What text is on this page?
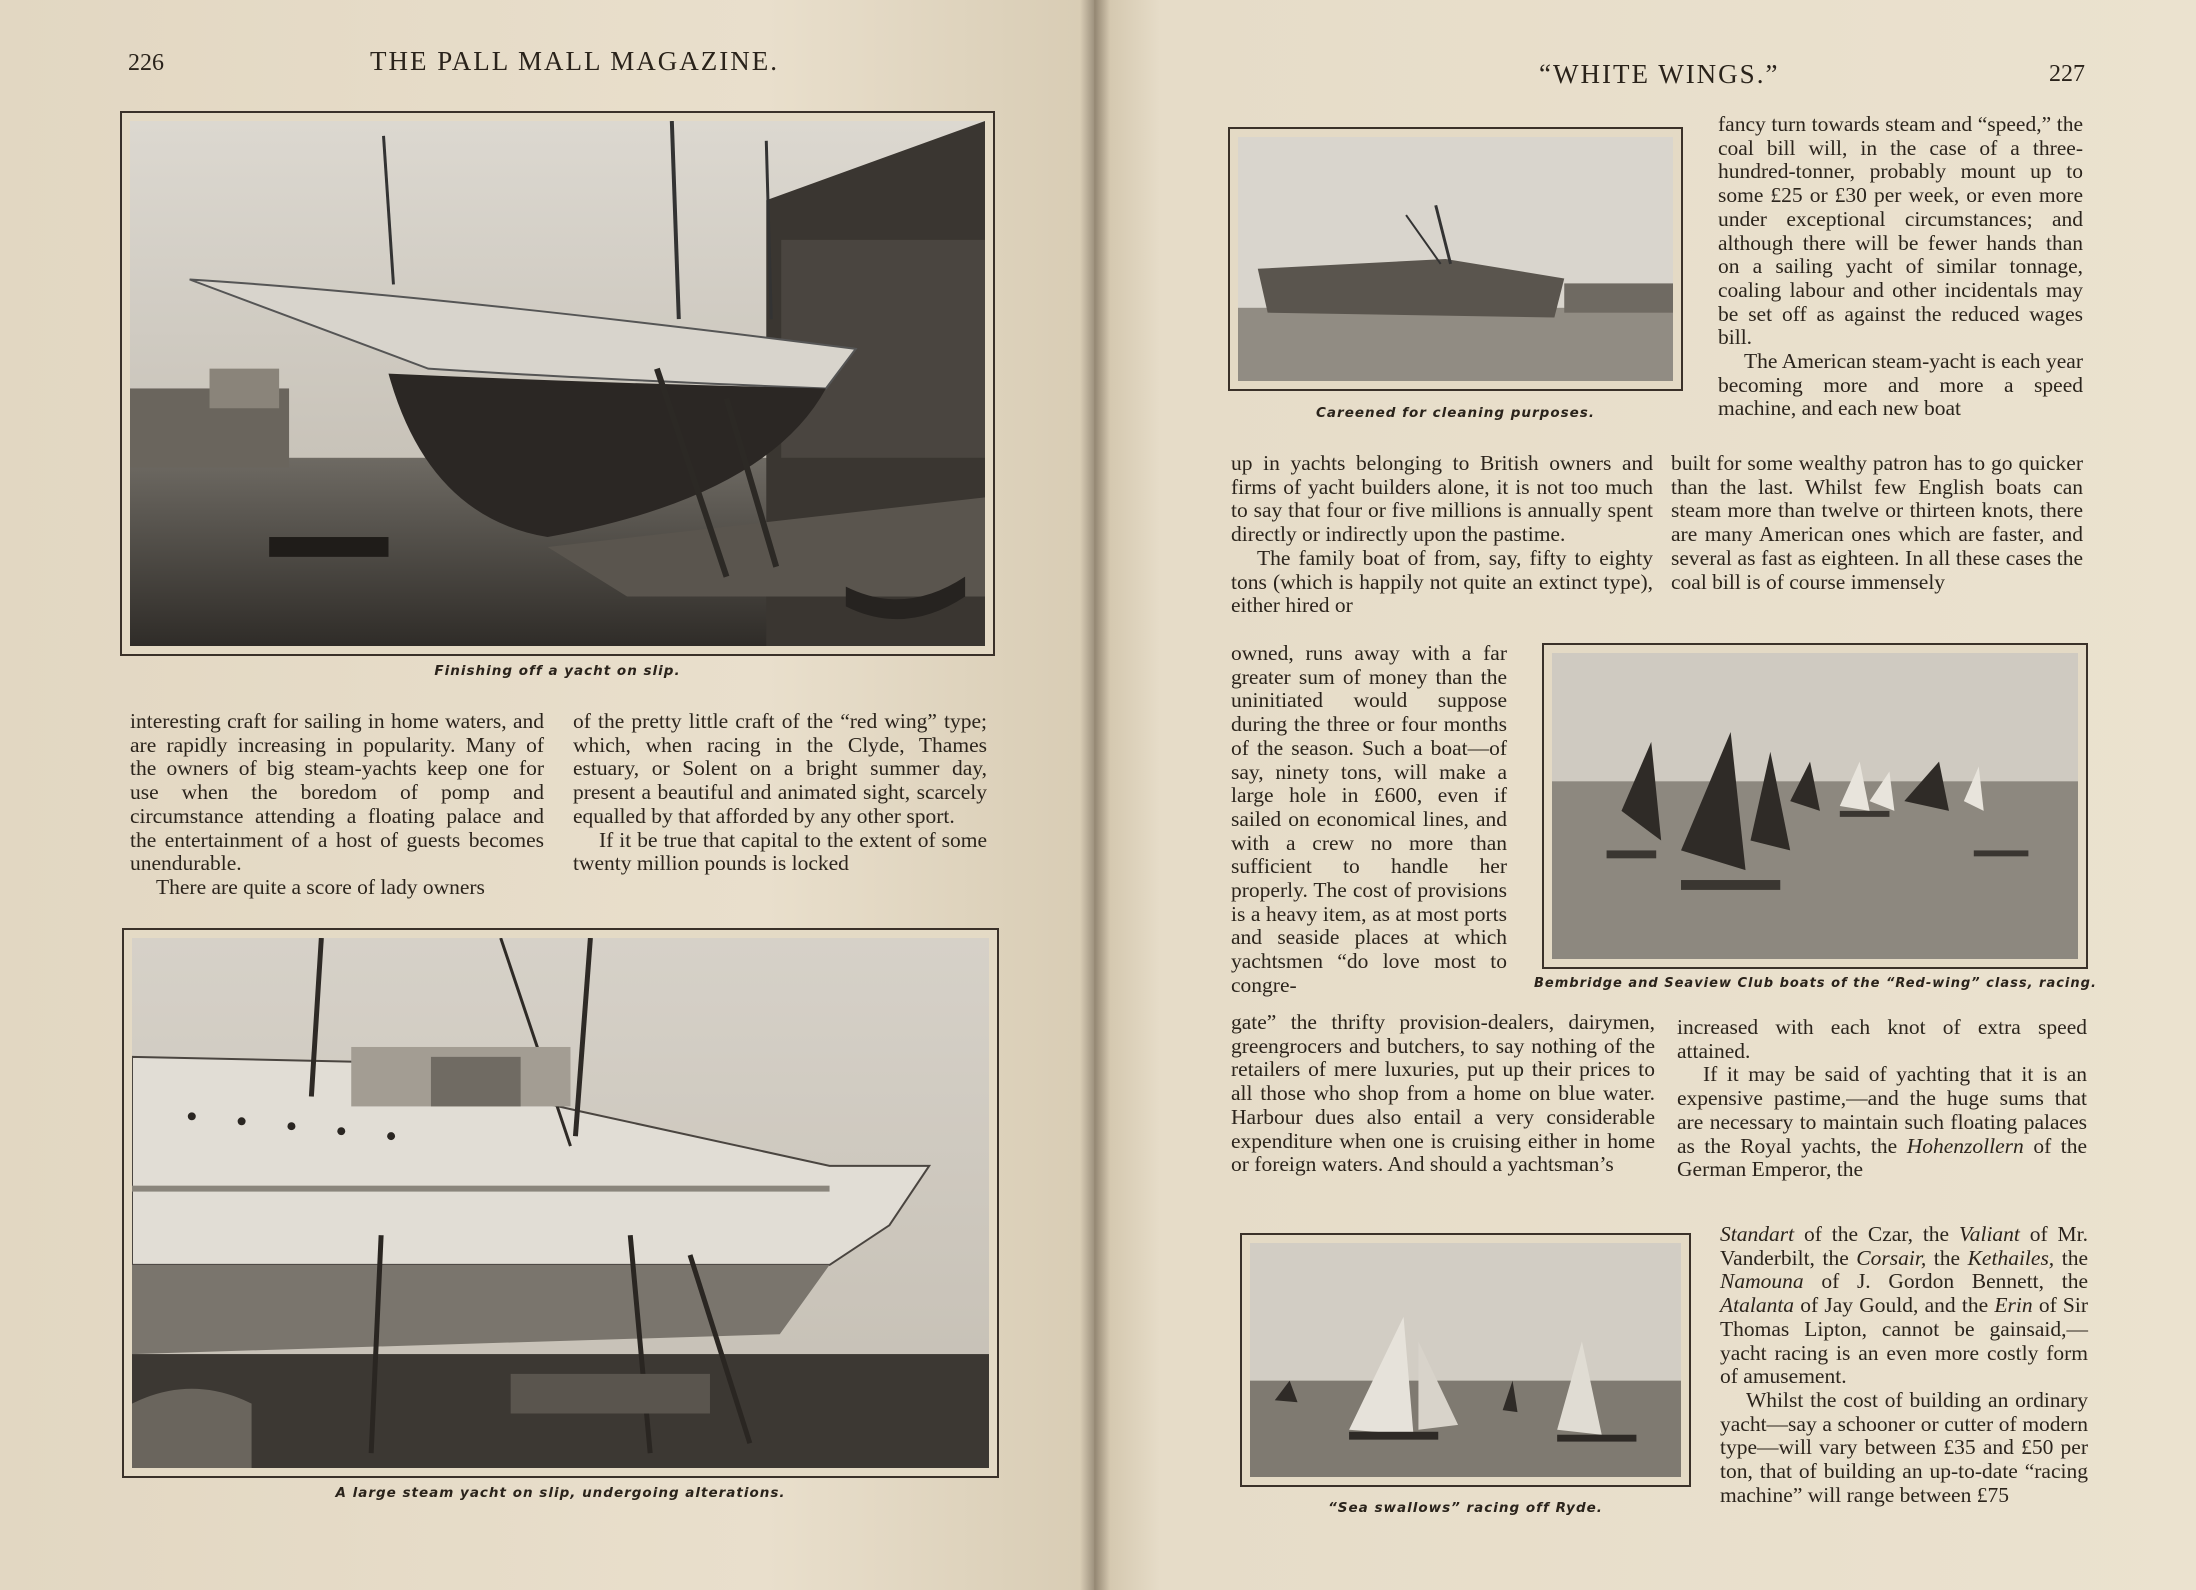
226	THE PALL MALL MAGAZINE.
Finishing off a yacht on slip.

interesting craft for sailing in home waters, and are rapidly increasing in popularity. Many of the owners of big steam-yachts keep one for use when the boredom of pomp and circumstance attending a floating palace and the entertainment of a host of guests becomes unendurable.

There are quite a score of lady owners

of the pretty little craft of the “red wing” type; which, when racing in the Clyde, Thames estuary, or Solent on a bright summer day, present a beautiful and animated sight, scarcely equalled by that afforded by any other sport.

If it be true that capital to the extent of some twenty million pounds is locked

A large steam yacht on slip, undergoing alterations.
“WHITE WINGS.”	227
Careened for cleaning purposes.

fancy turn towards steam and “speed,” the coal bill will, in the case of a three-hundred-tonner, probably mount up to some £25 or £30 per week, or even more under exceptional circumstances; and although there will be fewer hands than on a sailing yacht of similar tonnage, coaling labour and other incidentals may be set off as against the reduced wages bill.

The American steam-yacht is each year becoming more and more a speed machine, and each new boat

up in yachts belonging to British owners and firms of yacht builders alone, it is not too much to say that four or five millions is annually spent directly or indirectly upon the pastime.

The family boat of from, say, fifty to eighty tons (which is happily not quite an extinct type), either hired or

built for some wealthy patron has to go quicker than the last. Whilst few English boats can steam more than twelve or thirteen knots, there are many American ones which are faster, and several as fast as eighteen. In all these cases the coal bill is of course immensely

owned, runs away with a far greater sum of money than the uninitiated would suppose during the three or four months of the season. Such a boat—of say, ninety tons, will make a large hole in £600, even if sailed on economical lines, and with a crew no more than sufficient to handle her properly. The cost of provisions is a heavy item, as at most ports and seaside places at which yachtsmen “do love most to congre-	Bembridge and Seaview Club boats of the “Red-wing” class, racing.

gate” the thrifty provision-dealers, dairymen, greengrocers and butchers, to say nothing of the retailers of mere luxuries, put up their prices to all those who shop from a home on blue water. Harbour dues also entail a very considerable expenditure when one is cruising either in home or foreign waters. And should a yachtsman’s

increased with each knot of extra speed attained.

If it may be said of yachting that it is an expensive pastime,—and the huge sums that are necessary to maintain such floating palaces as the Royal yachts, the Hohenzollern of the German Emperor, the

“Sea swallows” racing off Ryde.

Standart of the Czar, the Valiant of Mr. Vanderbilt, the Corsair, the Kethailes, the Namouna of J. Gordon Bennett, the Atalanta of Jay Gould, and the Erin of Sir Thomas Lipton, cannot be gainsaid,—yacht racing is an even more costly form of amusement.

Whilst the cost of building an ordinary yacht—say a schooner or cutter of modern type—will vary between £35 and £50 per ton, that of building an up-to-date “racing machine” will range between £75
